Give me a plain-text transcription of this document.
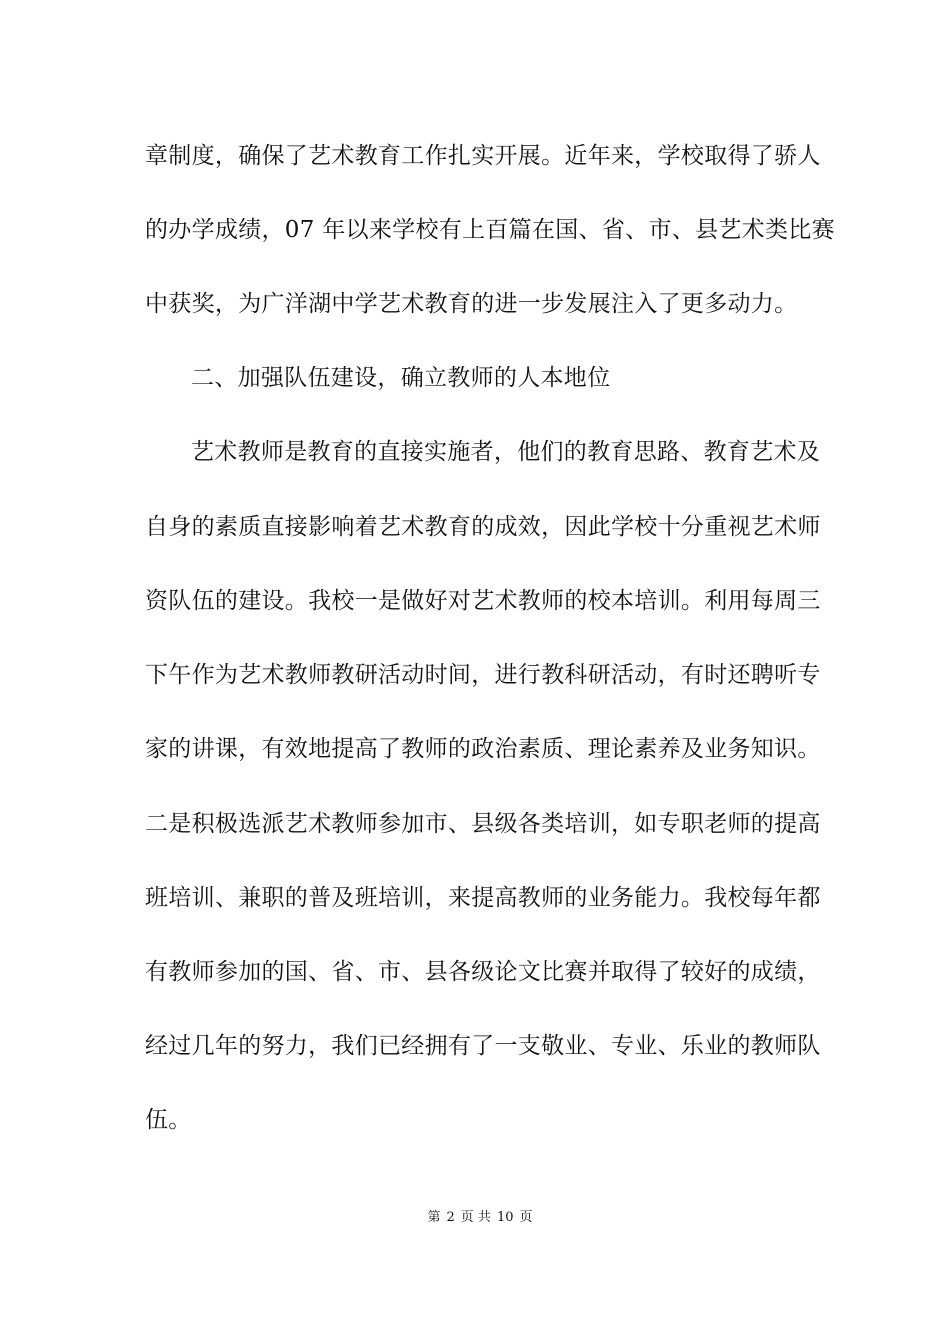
章制度，确保了艺术教育工作扎实开展。近年来，学校取得了骄人
的办学成绩，07 年以来学校有上百篇在国、省、市、县艺术类比赛
中获奖，为广洋湖中学艺术教育的进一步发展注入了更多动力。
二、加强队伍建设，确立教师的人本地位
艺术教师是教育的直接实施者，他们的教育思路、教育艺术及
自身的素质直接影响着艺术教育的成效，因此学校十分重视艺术师
资队伍的建设。我校一是做好对艺术教师的校本培训。利用每周三
下午作为艺术教师教研活动时间，进行教科研活动，有时还聘听专
家的讲课，有效地提高了教师的政治素质、理论素养及业务知识。
二是积极选派艺术教师参加市、县级各类培训，如专职老师的提高
班培训、兼职的普及班培训，来提高教师的业务能力。我校每年都
有教师参加的国、省、市、县各级论文比赛并取得了较好的成绩，
经过几年的努力，我们已经拥有了一支敬业、专业、乐业的教师队
伍。
第 2 页 共 10 页
